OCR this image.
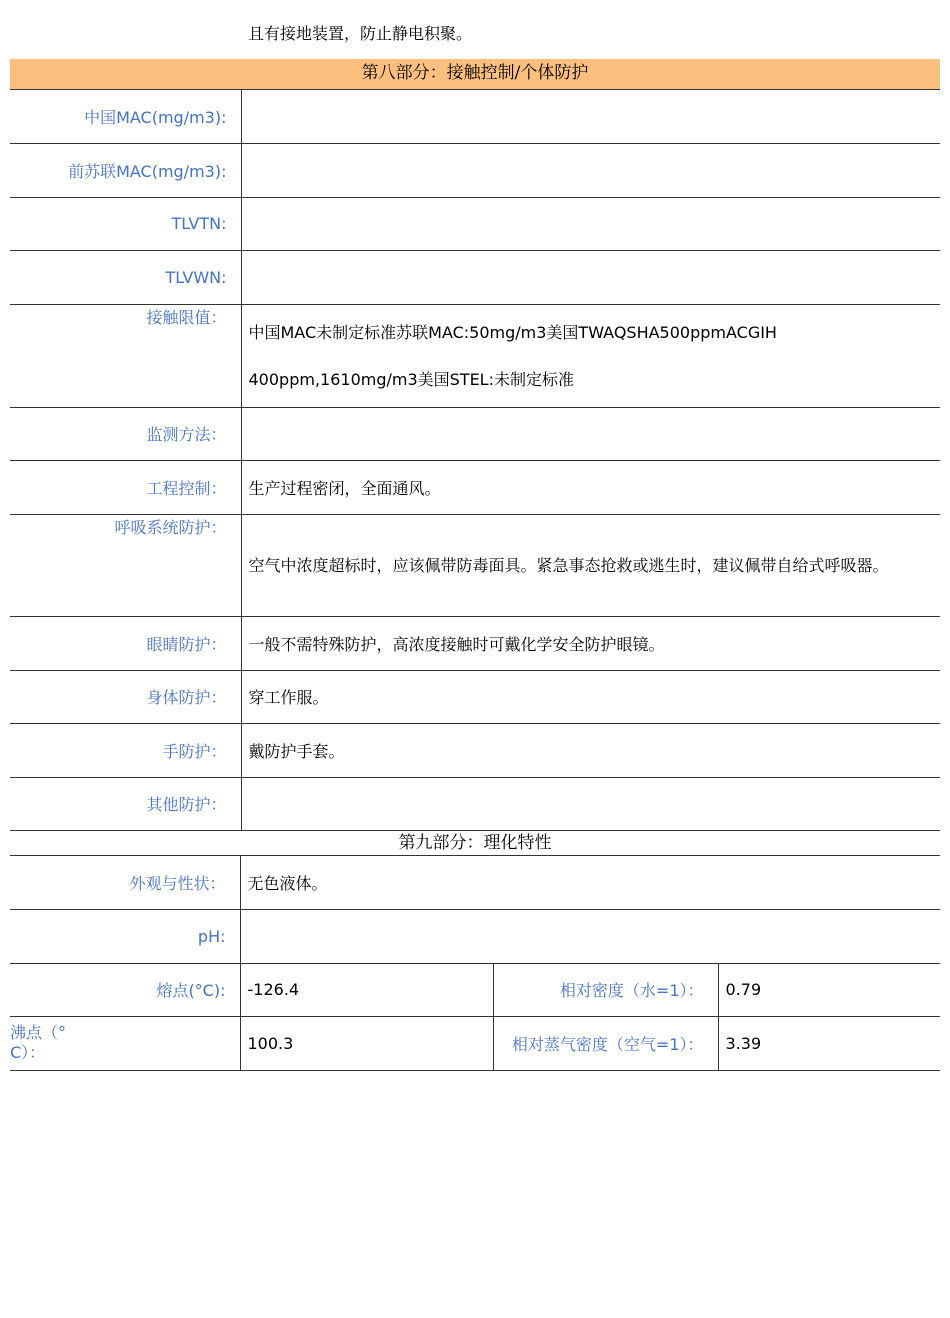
且有接地装置，防止静电积聚。
第八部分：接触控制/个体防护
中国MAC(mg/m3):	
前苏联MAC(mg/m3):	
TLVTN:	
TLVWN:	
接触限值：	中国MAC未制定标准苏联MAC:50mg/m3美国TWAQSHA500ppmACGIH
400ppm,1610mg/m3美国STEL:未制定标准

监测方法：	
工程控制：	生产过程密闭，全面通风。
呼吸系统防护：	空气中浓度超标时，应该佩带防毒面具。紧急事态抢救或逃生时，建议佩带自给式呼吸器。

眼睛防护：	一般不需特殊防护，高浓度接触时可戴化学安全防护眼镜。
身体防护：	穿工作服。
手防护：	戴防护手套。
其他防护：	
第九部分：理化特性
外观与性状：	无色液体。
pH:	
熔点(°C):	-126.4	相对密度（水=1）：	0.79

沸点（°
C）：	100.3	相对蒸气密度（空气=1）：	3.39
